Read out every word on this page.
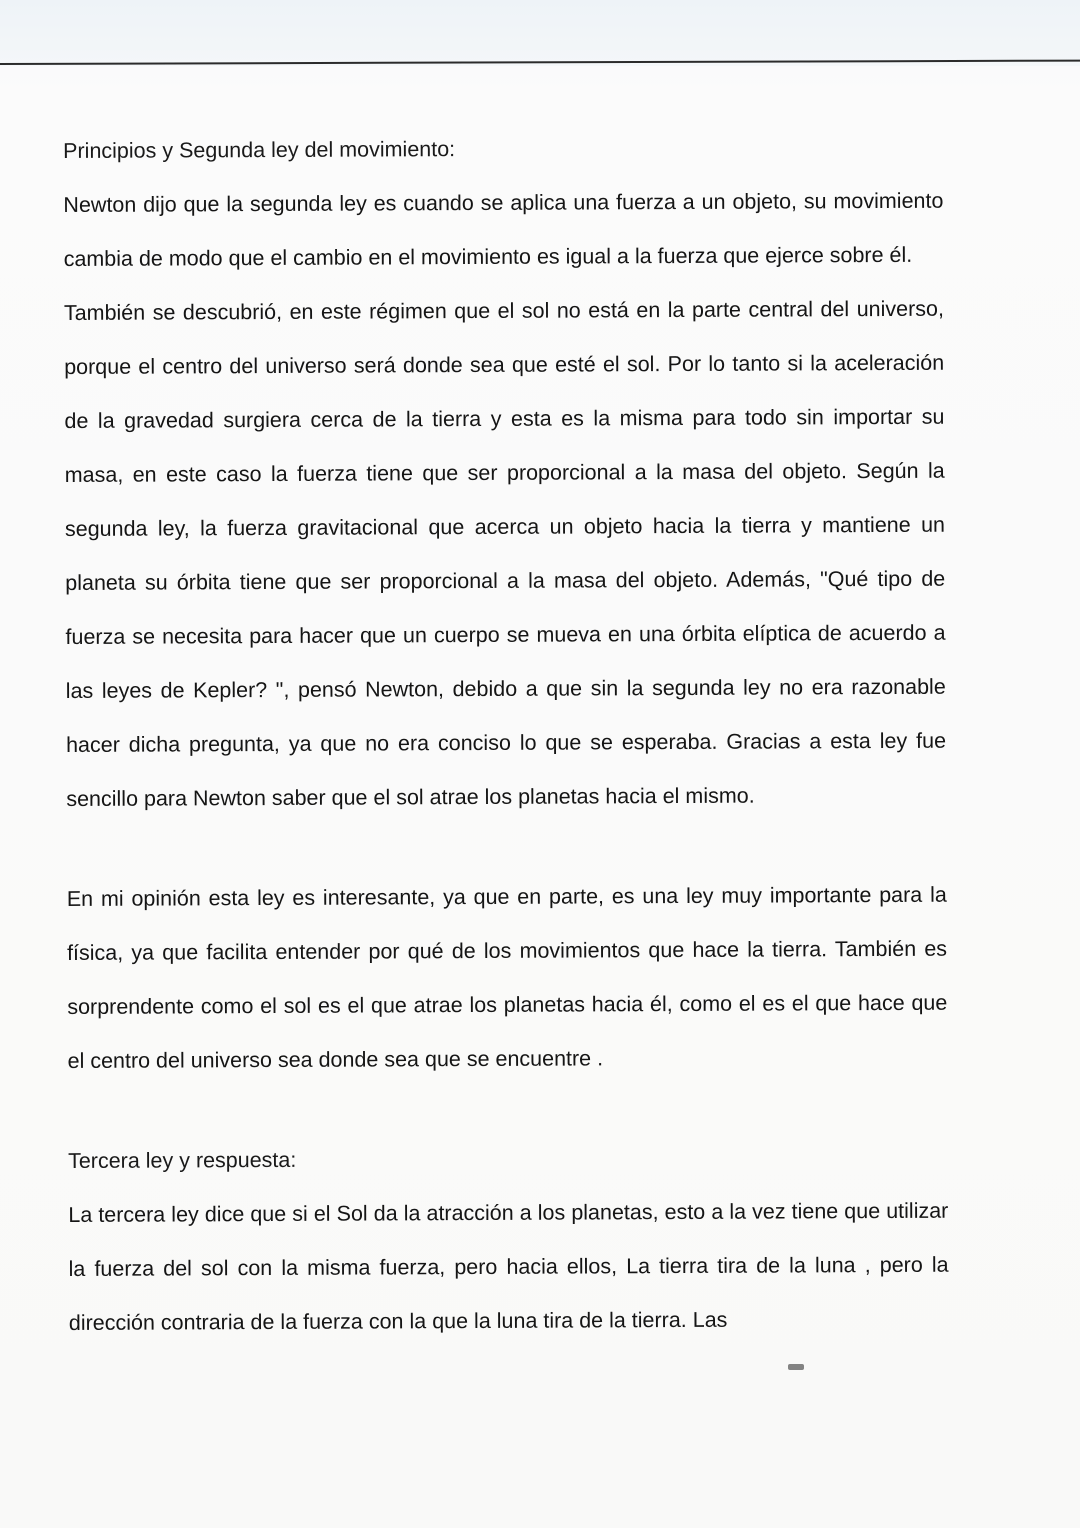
Principios y Segunda ley del movimiento:

Newton dijo que la segunda ley es cuando se aplica una fuerza a un objeto, su movimiento cambia de modo que el cambio en el movimiento es igual a la fuerza que ejerce sobre él.

También se descubrió, en este régimen que el sol no está en la parte central del universo, porque el centro del universo será donde sea que esté el sol. Por lo tanto si la aceleración de la gravedad surgiera cerca de la tierra y esta es la misma para todo sin importar su masa, en este caso la fuerza tiene que ser proporcional a la masa del objeto. Según la segunda ley, la fuerza gravitacional que acerca un objeto hacia la tierra y mantiene un planeta su órbita tiene que ser proporcional a la masa del objeto. Además, "Qué tipo de fuerza se necesita para hacer que un cuerpo se mueva en una órbita elíptica de acuerdo a las leyes de Kepler? ", pensó Newton, debido a que sin la segunda ley no era razonable hacer dicha pregunta, ya que no era conciso lo que se esperaba. Gracias a esta ley fue sencillo para Newton saber que el sol atrae los planetas hacia el mismo.

En mi opinión esta ley es interesante, ya que en parte, es una ley muy importante para la física, ya que facilita entender por qué de los movimientos que hace la tierra. También es sorprendente como el sol es el que atrae los planetas hacia él, como el es el que hace que el centro del universo sea donde sea que se encuentre .

Tercera ley y respuesta:

La tercera ley dice que si el Sol da la atracción a los planetas, esto a la vez tiene que utilizar la fuerza del sol con la misma fuerza, pero hacia ellos, La tierra tira de la luna , pero la dirección contraria de la fuerza con la que la luna tira de la tierra. Las
